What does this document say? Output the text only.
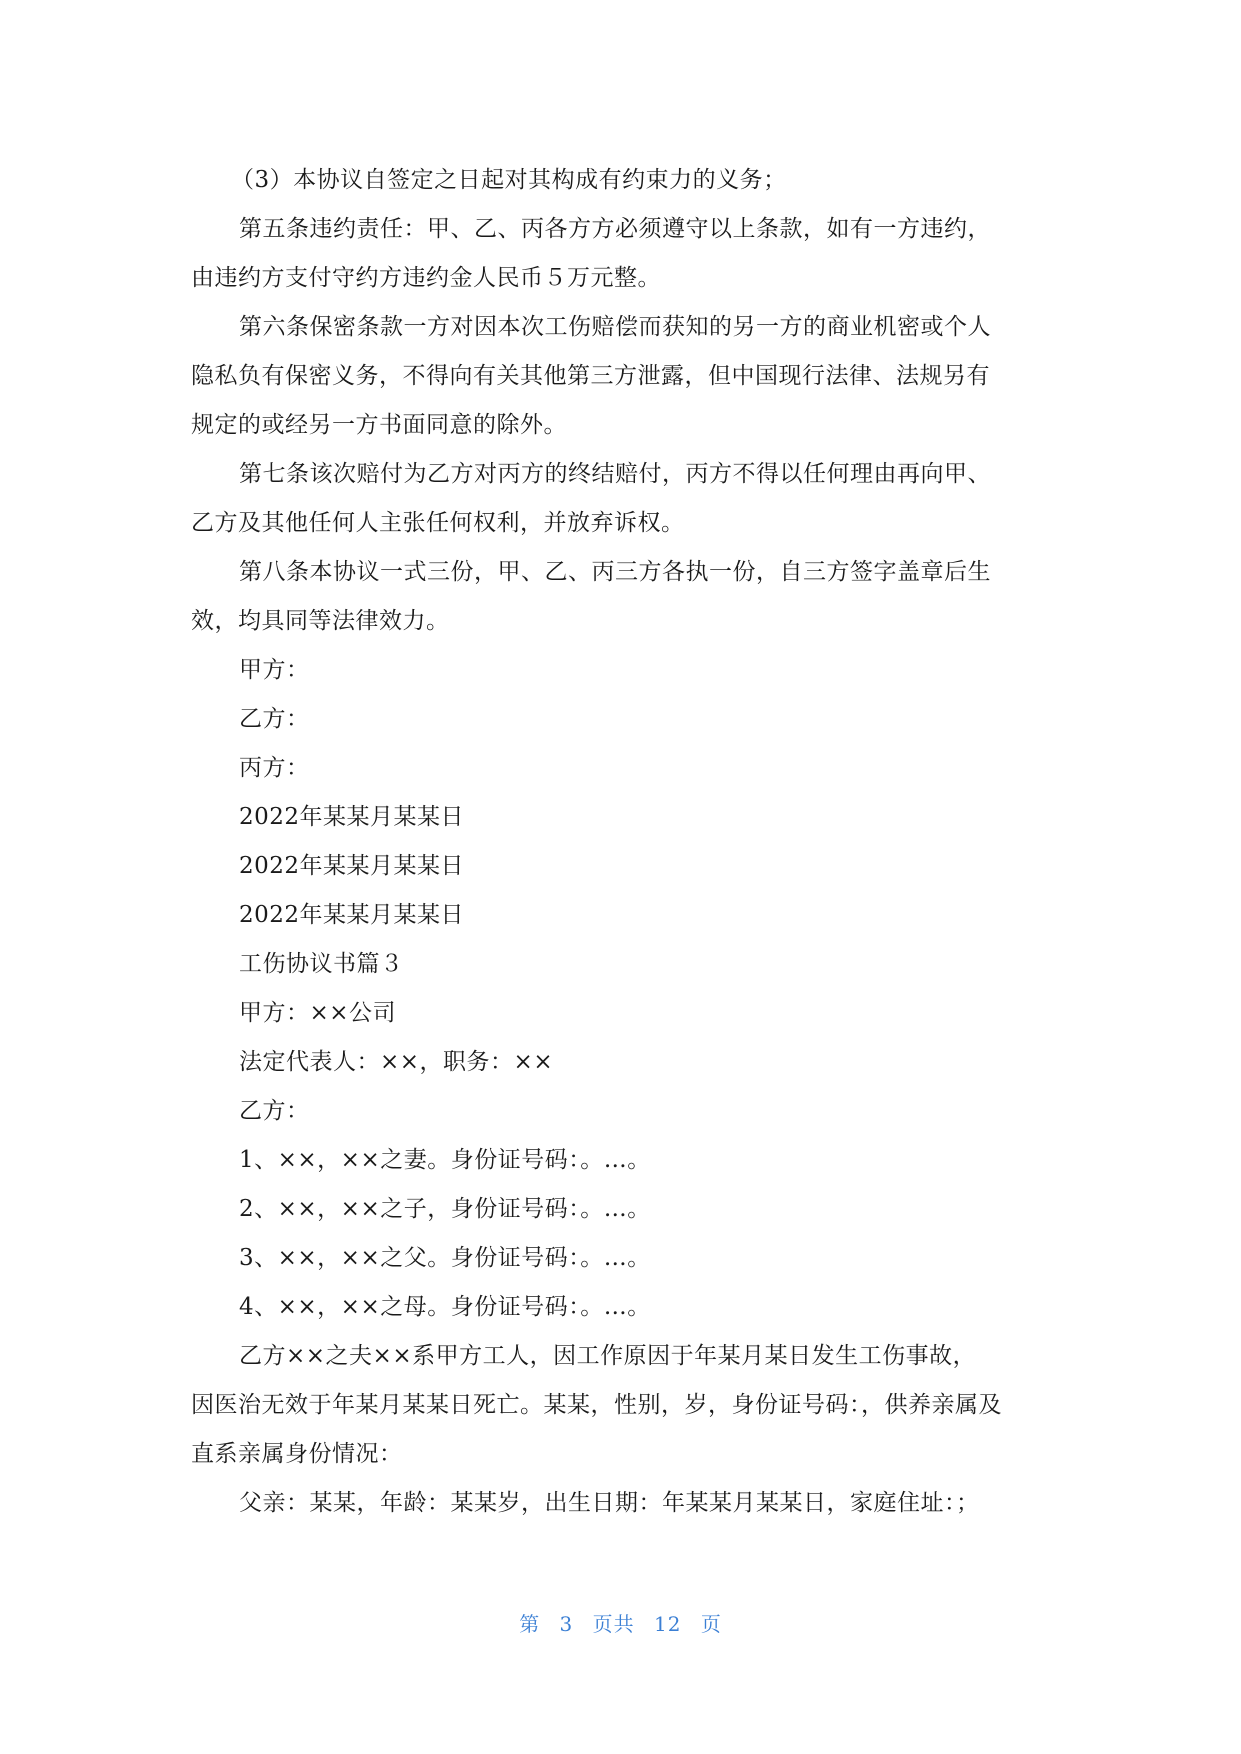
（3）本协议自签定之日起对其构成有约束力的义务；
第五条违约责任：甲、乙、丙各方方必须遵守以上条款，如有一方违约，
由违约方支付守约方违约金人民币５万元整。
第六条保密条款一方对因本次工伤赔偿而获知的另一方的商业机密或个人
隐私负有保密义务，不得向有关其他第三方泄露，但中国现行法律、法规另有
规定的或经另一方书面同意的除外。
第七条该次赔付为乙方对丙方的终结赔付，丙方不得以任何理由再向甲、
乙方及其他任何人主张任何权利，并放弃诉权。
第八条本协议一式三份，甲、乙、丙三方各执一份，自三方签字盖章后生
效，均具同等法律效力。
甲方：
乙方：
丙方：
2022年某某月某某日
2022年某某月某某日
2022年某某月某某日
工伤协议书篇３
甲方：××公司
法定代表人：××，职务：××
乙方：
1、××，××之妻。身份证号码：。…。
2、××，××之子，身份证号码：。…。
3、××，××之父。身份证号码：。…。
4、××，××之母。身份证号码：。…。
乙方××之夫××系甲方工人，因工作原因于年某月某日发生工伤事故，
因医治无效于年某月某某日死亡。某某，性别，岁，身份证号码：，供养亲属及
直系亲属身份情况：
父亲：某某，年龄：某某岁，出生日期：年某某月某某日，家庭住址：；
第 3 页共 12 页
